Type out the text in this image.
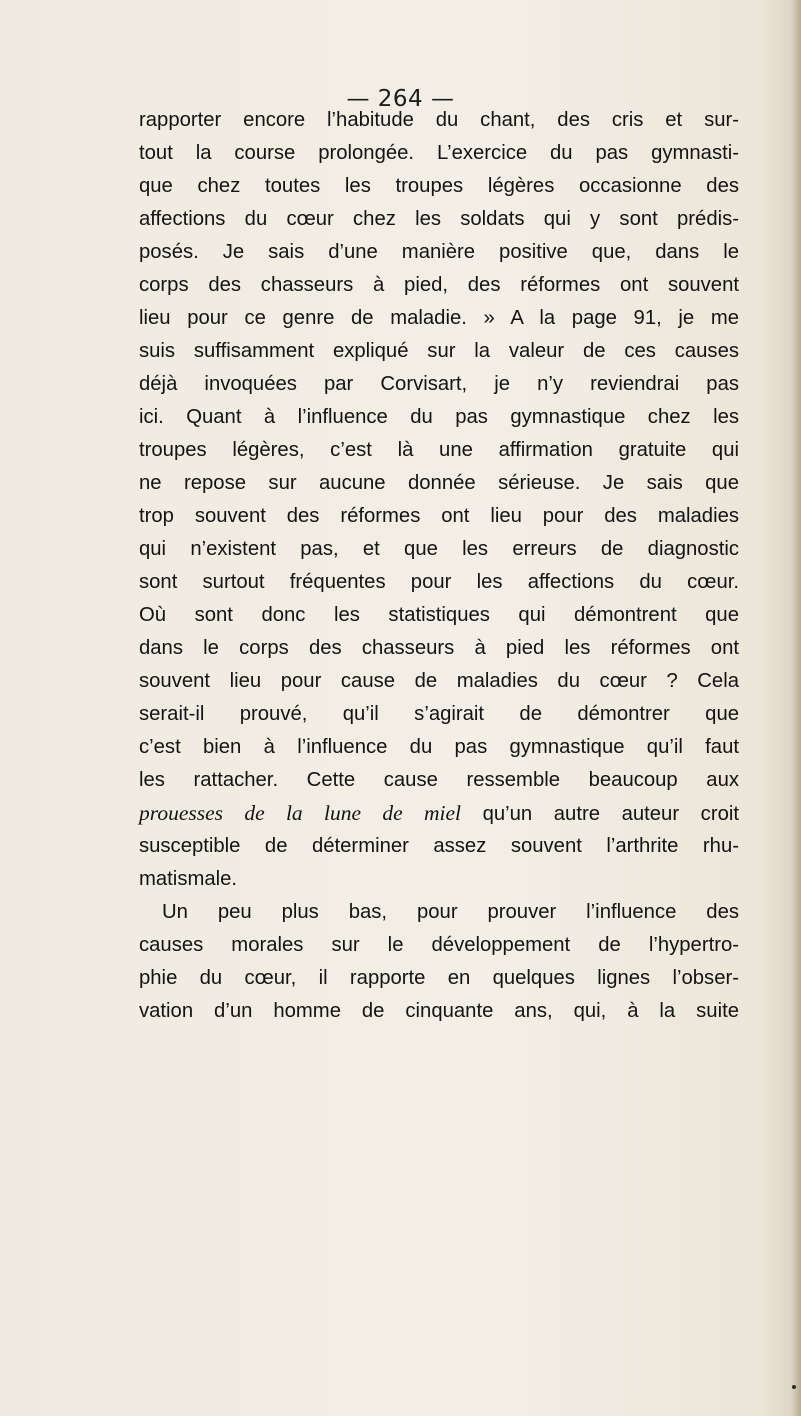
— 264 —
rapporter encore l’habitude du chant, des cris et sur-
tout la course prolongée. L’exercice du pas gymnasti-
que chez toutes les troupes légères occasionne des
affections du cœur chez les soldats qui y sont prédis-
posés. Je sais d’une manière positive que, dans le
corps des chasseurs à pied, des réformes ont souvent
lieu pour ce genre de maladie. » A la page 91, je me
suis suffisamment expliqué sur la valeur de ces causes
déjà invoquées par Corvisart, je n’y reviendrai pas
ici. Quant à l’influence du pas gymnastique chez les
troupes légères, c’est là une affirmation gratuite qui
ne repose sur aucune donnée sérieuse. Je sais que
trop souvent des réformes ont lieu pour des maladies
qui n’existent pas, et que les erreurs de diagnostic
sont surtout fréquentes pour les affections du cœur.
Où sont donc les statistiques qui démontrent que
dans le corps des chasseurs à pied les réformes ont
souvent lieu pour cause de maladies du cœur ? Cela
serait-il prouvé, qu’il s’agirait de démontrer que
c’est bien à l’influence du pas gymnastique qu’il faut
les rattacher. Cette cause ressemble beaucoup aux
prouesses de la lune de miel qu’un autre auteur croit
susceptible de déterminer assez souvent l’arthrite rhu-
matismale.
Un peu plus bas, pour prouver l’influence des
causes morales sur le développement de l’hypertro-
phie du cœur, il rapporte en quelques lignes l’obser-
vation d’un homme de cinquante ans, qui, à la suite
